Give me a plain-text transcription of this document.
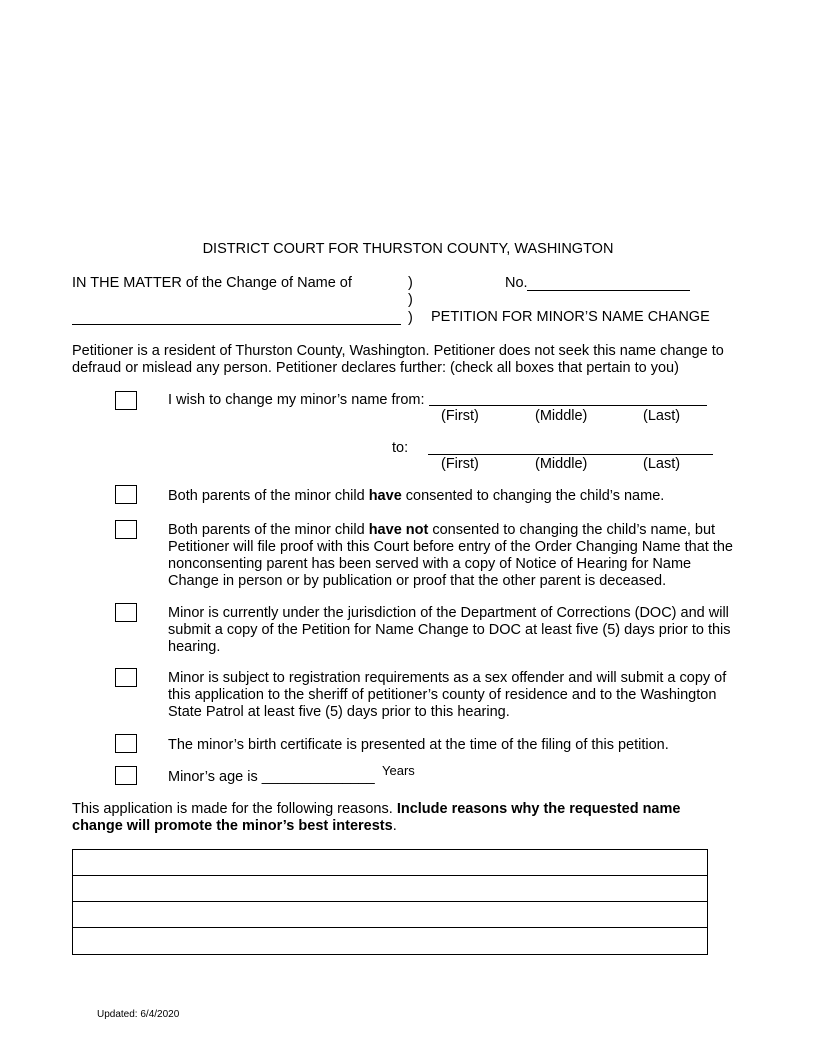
DISTRICT COURT FOR THURSTON COUNTY, WASHINGTON
IN THE MATTER of the Change of Name of	)
)
)
No.
PETITION FOR MINOR’S NAME CHANGE
Petitioner is a resident of Thurston County, Washington. Petitioner does not seek this name change to defraud or mislead any person. Petitioner declares further: (check all boxes that pertain to you)
I wish to change my minor’s name from:
(First)	(Middle)	(Last)
to:
(First)	(Middle)	(Last)
Both parents of the minor child have consented to changing the child’s name.
Both parents of the minor child have not consented to changing the child’s name, but Petitioner will file proof with this Court before entry of the Order Changing Name that the nonconsenting parent has been served with a copy of Notice of Hearing for Name Change in person or by publication or proof that the other parent is deceased.
Minor is currently under the jurisdiction of the Department of Corrections (DOC) and will submit a copy of the Petition for Name Change to DOC at least five (5) days prior to this hearing.
Minor is subject to registration requirements as a sex offender and will submit a copy of this application to the sheriff of petitioner’s county of residence and to the Washington State Patrol at least five (5) days prior to this hearing.
The minor’s birth certificate is presented at the time of the filing of this petition.
Minor’s age is ______________ Years
This application is made for the following reasons. Include reasons why the requested name change will promote the minor’s best interests.
Updated: 6/4/2020
